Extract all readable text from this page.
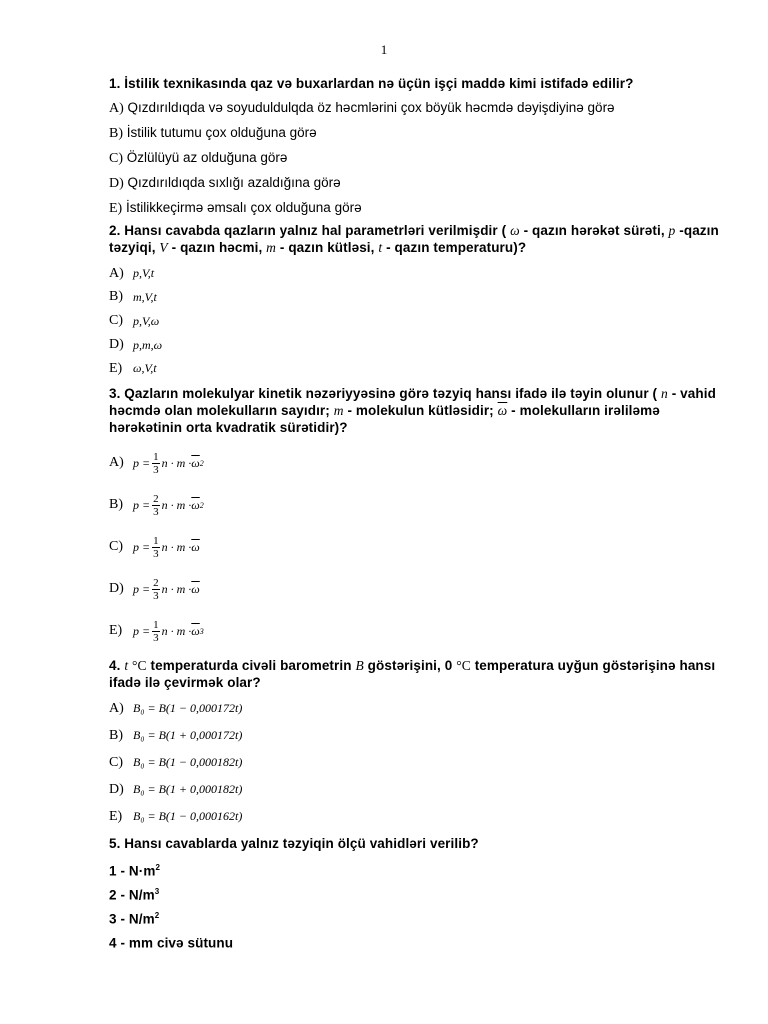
1

1. İstilik texnikasında qaz və buxarlardan nə üçün işçi maddə kimi istifadə edilir?

A) Qızdırıldıqda və soyuduldulqda öz həcmlərini çox böyük həcmdə dəyişdiyinə görə

B) İstilik tutumu çox olduğuna görə

C) Özlülüyü az olduğuna görə

D) Qızdırıldıqda sıxlığı azaldığına görə

E) İstilikkeçirmə əmsalı çox olduğuna görə

2. Hansı cavabda qazların yalnız hal parametrləri verilmişdir ( ω - qazın hərəkət sürəti, p -qazın təzyiqi, V - qazın həcmi, m - qazın kütləsi, t - qazın temperaturu)?

A) p,V,t

B) m,V,t

C) p,V,ω

D) p,m,ω

E) ω,V,t

3. Qazların molekulyar kinetik nəzəriyyəsinə görə təzyiq hansı ifadə ilə təyin olunur ( n - vahid həcmdə olan molekulların sayıdır; m - molekulun kütləsidir; $\overline{\omega}$ - molekulların irəliləmə hərəkətinin orta kvadratik sürətidir)?

A) $p = \frac{1}{3}$ $n \cdot m \cdot \overline{\omega}$ 2

B) $p = \frac{2}{3}$ $n \cdot m \cdot \overline{\omega}$ 2

C) $p = \frac{1}{3}$ $n \cdot m \cdot \overline{\omega}$

D) $p = \frac{2}{3}$ $n \cdot m \cdot \overline{\omega}$

E) $p = \frac{1}{3}$ $n \cdot m \cdot \overline{\omega}$ 3

4. t °C temperaturda civəli barometrin B göstərişini, 0 °C temperatura uyğun göstərişinə hansı ifadə ilə çevirmək olar?

A) B₀ = B(1 − 0,000172t)

B) B₀ = B(1 + 0,000172t)

C) B₀ = B(1 − 0,000182t)

D) B₀ = B(1 + 0,000182t)

E) B₀ = B(1 − 0,000162t)

5. Hansı cavablarda yalnız təzyiqin ölçü vahidləri verilib?

$1 - N\cdot m^2$

$2 - N/m^3$

$3 - N/m^2$

4 - mm civə sütunu
